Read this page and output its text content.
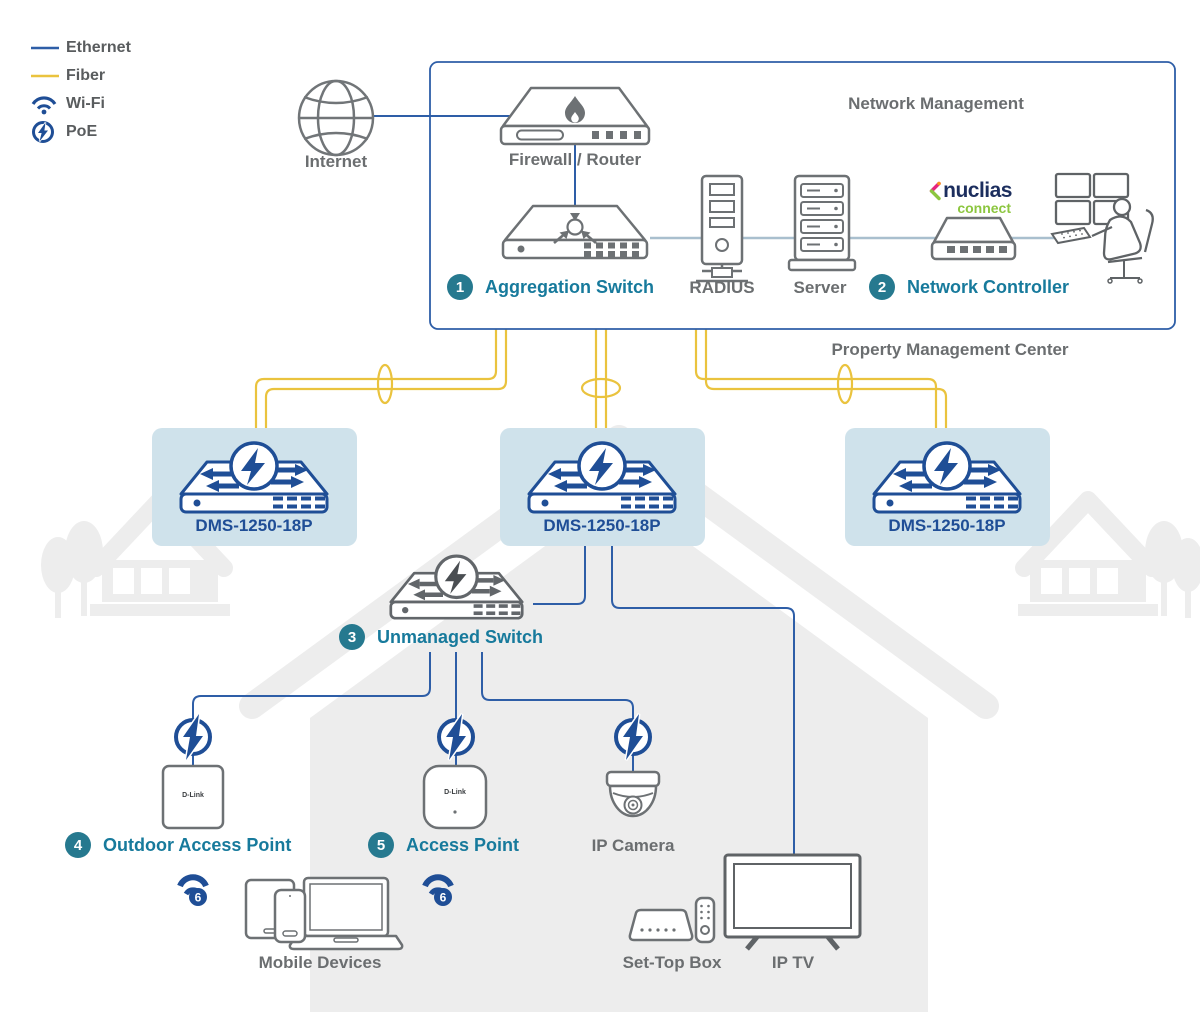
D-Link	D-Link
6	6
Ethernet
Fiber
Wi-Fi
PoE
Internet	Firewall / Router
Network Management
RADIUS Server
Property Management Center
IP Camera
Mobile Devices	Set-Top Box	IP TV
1	Aggregation Switch	2	Network Controller
3	Unmanaged Switch
4	Outdoor Access Point	5	Access Point
DMS-1250-18P	DMS-1250-18P	DMS-1250-18P
nuclias
connect
